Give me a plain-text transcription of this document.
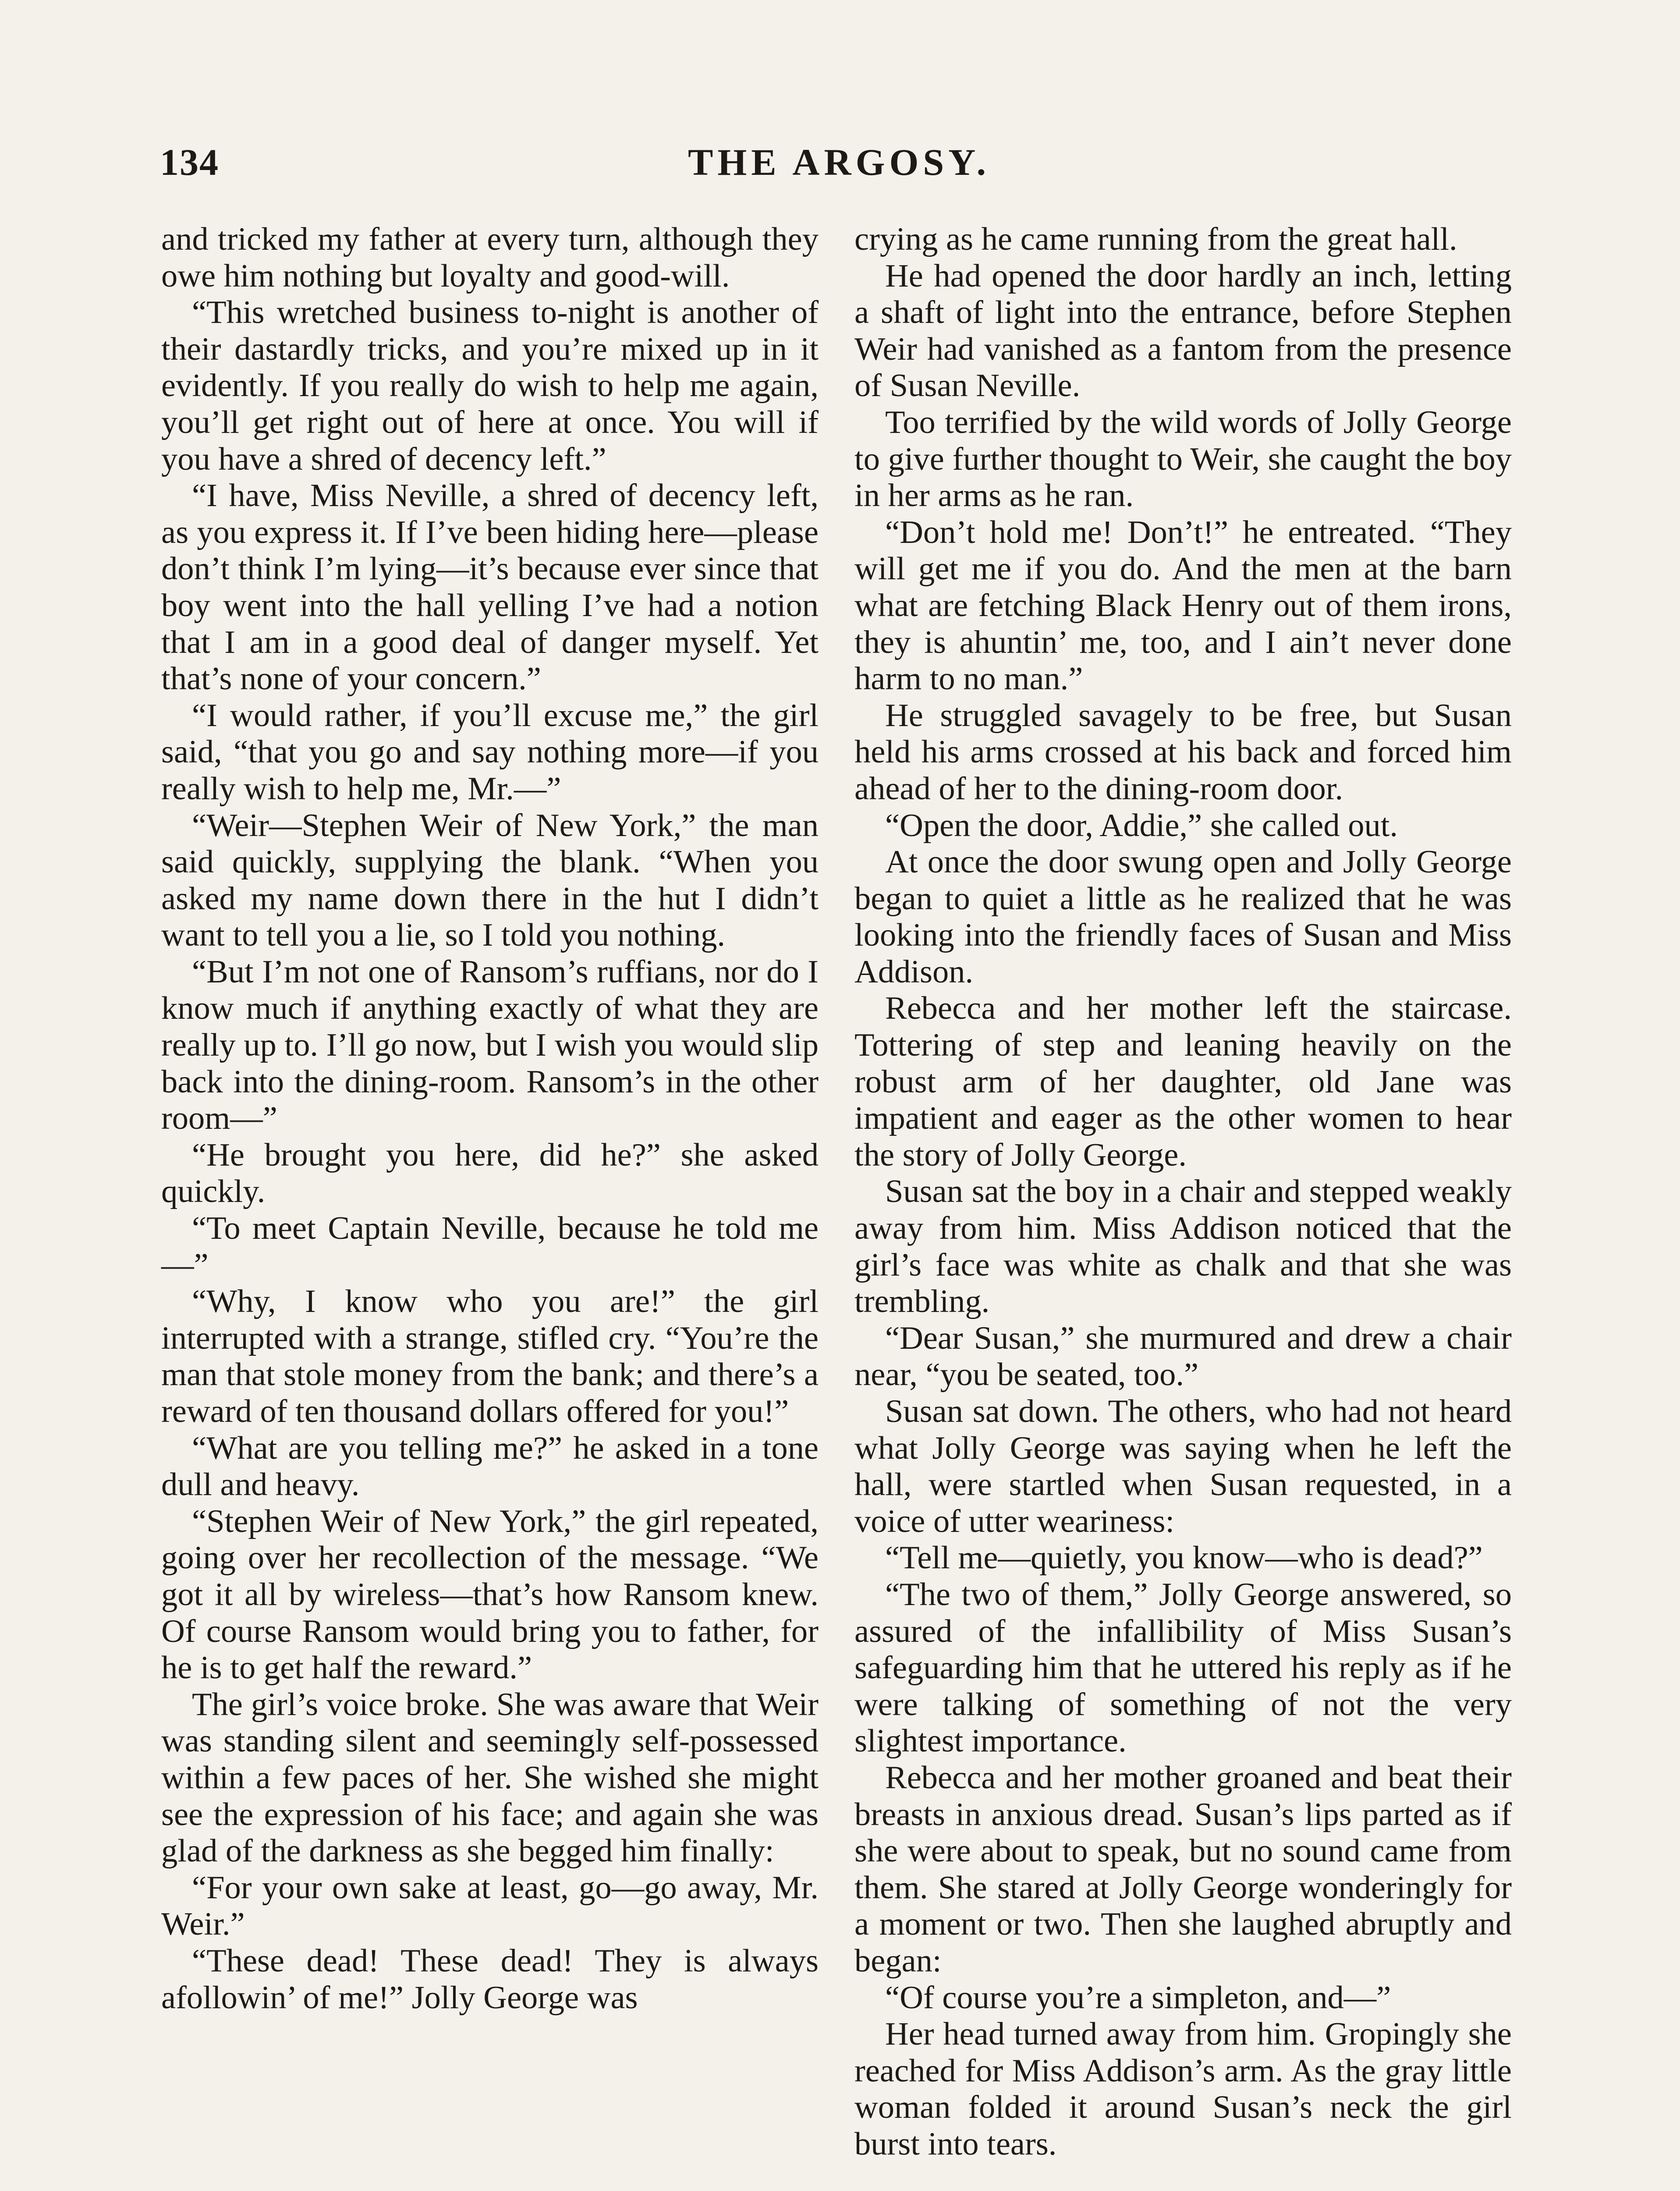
134	THE ARGOSY.

and tricked my father at every turn, although they owe him nothing but loyalty and good-will.

“This wretched business to-night is another of their dastardly tricks, and you’re mixed up in it evidently. If you really do wish to help me again, you’ll get right out of here at once. You will if you have a shred of decency left.”

“I have, Miss Neville, a shred of decency left, as you express it. If I’ve been hiding here—please don’t think I’m lying—it’s because ever since that boy went into the hall yelling I’ve had a notion that I am in a good deal of danger myself. Yet that’s none of your concern.”

“I would rather, if you’ll excuse me,” the girl said, “that you go and say nothing more—if you really wish to help me, Mr.—”

“Weir—Stephen Weir of New York,” the man said quickly, supplying the blank. “When you asked my name down there in the hut I didn’t want to tell you a lie, so I told you nothing.

“But I’m not one of Ransom’s ruffians, nor do I know much if anything exactly of what they are really up to. I’ll go now, but I wish you would slip back into the dining-room. Ransom’s in the other room—”

“He brought you here, did he?” she asked quickly.

“To meet Captain Neville, because he told me—”

“Why, I know who you are!” the girl interrupted with a strange, stifled cry. “You’re the man that stole money from the bank; and there’s a reward of ten thousand dollars offered for you!”

“What are you telling me?” he asked in a tone dull and heavy.

“Stephen Weir of New York,” the girl repeated, going over her recollection of the message. “We got it all by wireless—that’s how Ransom knew. Of course Ransom would bring you to father, for he is to get half the reward.”

The girl’s voice broke. She was aware that Weir was standing silent and seemingly self-possessed within a few paces of her. She wished she might see the expression of his face; and again she was glad of the darkness as she begged him finally:

“For your own sake at least, go—go away, Mr. Weir.”

“These dead! These dead! They is always afollowin’ of me!” Jolly George was

crying as he came running from the great hall.

He had opened the door hardly an inch, letting a shaft of light into the entrance, before Stephen Weir had vanished as a fantom from the presence of Susan Neville.

Too terrified by the wild words of Jolly George to give further thought to Weir, she caught the boy in her arms as he ran.

“Don’t hold me! Don’t!” he entreated. “They will get me if you do. And the men at the barn what are fetching Black Henry out of them irons, they is ahuntin’ me, too, and I ain’t never done harm to no man.”

He struggled savagely to be free, but Susan held his arms crossed at his back and forced him ahead of her to the dining-room door.

“Open the door, Addie,” she called out.

At once the door swung open and Jolly George began to quiet a little as he realized that he was looking into the friendly faces of Susan and Miss Addison.

Rebecca and her mother left the staircase. Tottering of step and leaning heavily on the robust arm of her daughter, old Jane was impatient and eager as the other women to hear the story of Jolly George.

Susan sat the boy in a chair and stepped weakly away from him. Miss Addison noticed that the girl’s face was white as chalk and that she was trembling.

“Dear Susan,” she murmured and drew a chair near, “you be seated, too.”

Susan sat down. The others, who had not heard what Jolly George was saying when he left the hall, were startled when Susan requested, in a voice of utter weariness:

“Tell me—quietly, you know—who is dead?”

“The two of them,” Jolly George answered, so assured of the infallibility of Miss Susan’s safeguarding him that he uttered his reply as if he were talking of something of not the very slightest importance.

Rebecca and her mother groaned and beat their breasts in anxious dread. Susan’s lips parted as if she were about to speak, but no sound came from them. She stared at Jolly George wonderingly for a moment or two. Then she laughed abruptly and began:

“Of course you’re a simpleton, and—”

Her head turned away from him. Gropingly she reached for Miss Addison’s arm. As the gray little woman folded it around Susan’s neck the girl burst into tears.
